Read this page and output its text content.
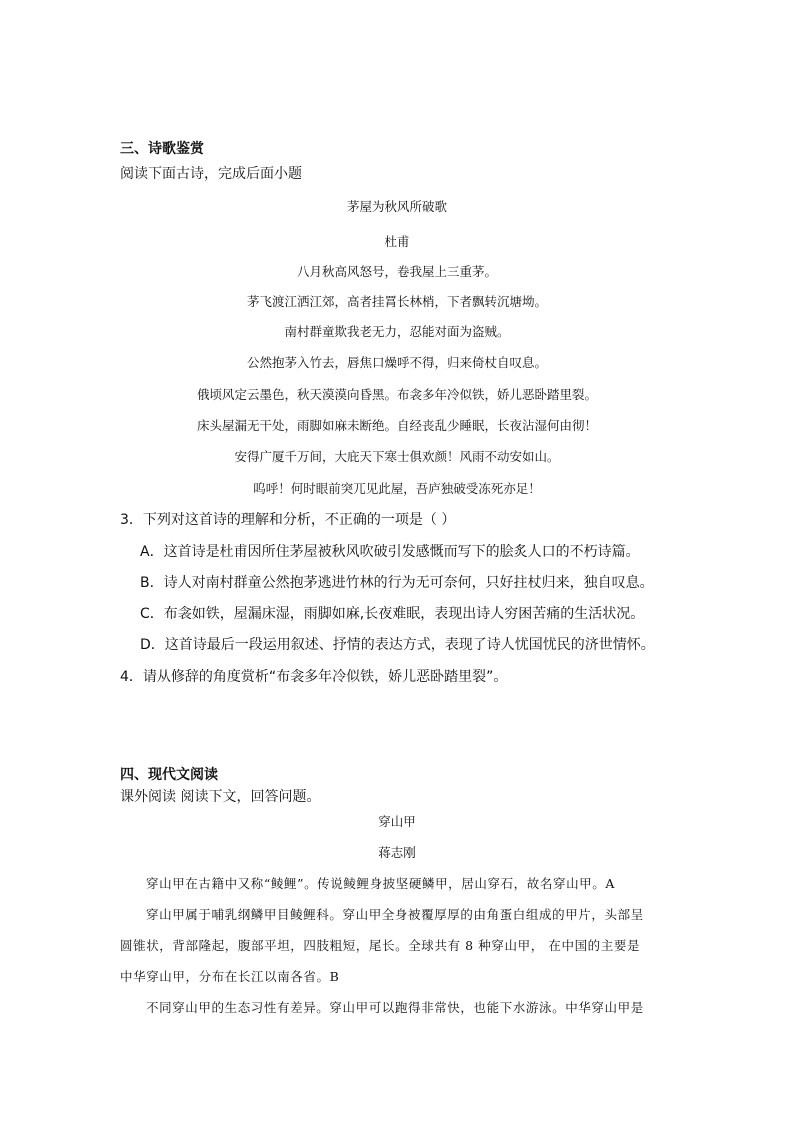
三、诗歌鉴赏
阅读下面古诗，完成后面小题
茅屋为秋风所破歌
杜甫
八月秋高风怒号，卷我屋上三重茅。
茅飞渡江洒江郊，高者挂罥长林梢，下者飘转沉塘坳。
南村群童欺我老无力，忍能对面为盗贼。
公然抱茅入竹去，唇焦口燥呼不得，归来倚杖自叹息。
俄顷风定云墨色，秋天漠漠向昏黑。布衾多年冷似铁，娇儿恶卧踏里裂。
床头屋漏无干处，雨脚如麻未断绝。自经丧乱少睡眠，长夜沾湿何由彻！
安得广厦千万间，大庇天下寒士俱欢颜！风雨不动安如山。
呜呼！何时眼前突兀见此屋，吾庐独破受冻死亦足！
3．下列对这首诗的理解和分析，不正确的一项是（ ）
A．这首诗是杜甫因所住茅屋被秋风吹破引发感慨而写下的脍炙人口的不朽诗篇。
B．诗人对南村群童公然抱茅逃进竹林的行为无可奈何，只好拄杖归来，独自叹息。
C．布衾如铁，屋漏床湿，雨脚如麻,长夜难眠，表现出诗人穷困苦痛的生活状况。
D．这首诗最后一段运用叙述、抒情的表达方式，表现了诗人忧国忧民的济世情怀。
4．请从修辞的角度赏析“布衾多年冷似铁，娇儿恶卧踏里裂”。
四、现代文阅读
课外阅读 阅读下文，回答问题。
穿山甲
蒋志刚
穿山甲在古籍中又称“鲮鲤”。传说鲮鲤身披坚硬鳞甲，居山穿石，故名穿山甲。A
穿山甲属于哺乳纲鳞甲目鲮鲤科。穿山甲全身被覆厚厚的由角蛋白组成的甲片，头部呈
圆锥状，背部隆起，腹部平坦，四肢粗短，尾长。全球共有 8 种穿山甲， 在中国的主要是
中华穿山甲，分布在长江以南各省。B
不同穿山甲的生态习性有差异。穿山甲可以跑得非常快，也能下水游泳。中华穿山甲是
